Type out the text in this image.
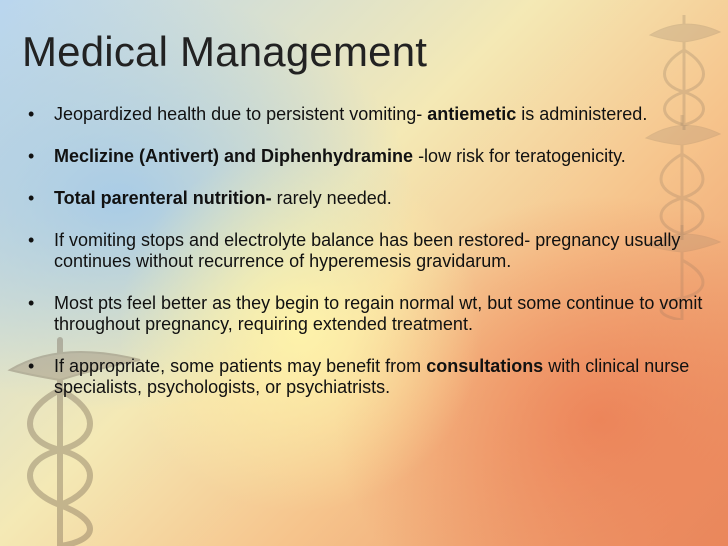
Medical Management
• Jeopardized health due to persistent vomiting- antiemetic is administered.
• Meclizine (Antivert) and Diphenhydramine -low risk for teratogenicity.
• Total parenteral nutrition- rarely needed.
• If vomiting stops and electrolyte balance has been restored- pregnancy usually continues without recurrence of hyperemesis gravidarum.
• Most pts feel better as they begin to regain normal wt, but some continue to vomit throughout pregnancy, requiring extended treatment.
• If appropriate, some patients may benefit from consultations with clinical nurse specialists, psychologists, or psychiatrists.
